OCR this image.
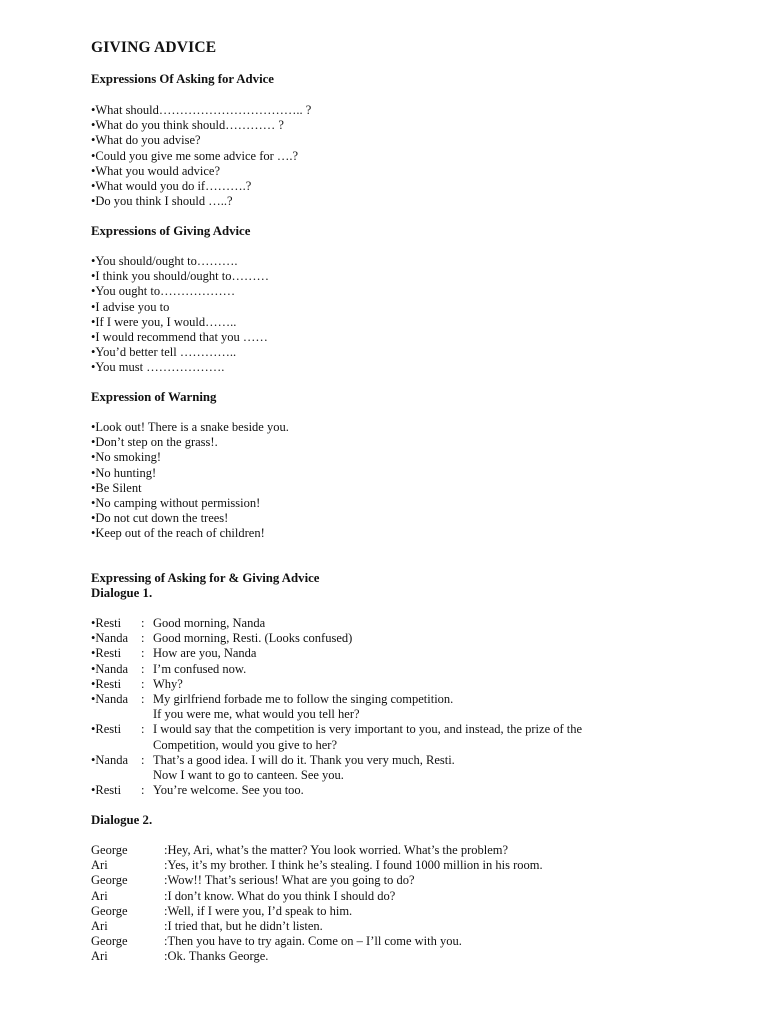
GIVING ADVICE
Expressions Of Asking for Advice
•What should…………………………….. ?
•What do you think should………… ?
•What do you advise?
•Could you give me some advice for ….?
•What you would advice?
•What would you do if……….?
•Do you think I should …..?
Expressions of Giving Advice
•You should/ought to……….
•I think you should/ought to………
•You ought to………………
•I advise you to
•If I were you, I would……..
•I would recommend that you ……
•You’d better tell …………..
•You must ……………….
Expression of Warning
•Look out! There is a snake beside you.
•Don’t step on the grass!.
•No smoking!
•No hunting!
•Be Silent
•No camping without permission!
•Do not cut down the trees!
•Keep out of the reach of children!
Expressing of Asking for & Giving Advice
Dialogue 1.
•Resti	: Good morning, Nanda
•Nanda	: Good morning, Resti. (Looks confused)
•Resti	: How are you, Nanda
•Nanda	: I’m confused now.
•Resti	: Why?
•Nanda	: My girlfriend forbade me to follow the singing competition.
If you were me, what would you tell her?
•Resti	: I would say that the competition is very important to you, and instead, the prize of the
Competition, would you give to her?
•Nanda	: That’s a good idea. I will do it. Thank you very much, Resti.
Now I want to go to canteen. See you.
•Resti	: You’re welcome. See you too.
Dialogue 2.
George	:Hey, Ari, what’s the matter? You look worried. What’s the problem?
Ari	:Yes, it’s my brother. I think he’s stealing. I found 1000 million in his room.
George	:Wow!! That’s serious! What are you going to do?
Ari	:I don’t know. What do you think I should do?
George	:Well, if I were you, I’d speak to him.
Ari	:I tried that, but he didn’t listen.
George	:Then you have to try again. Come on – I’ll come with you.
Ari	:Ok. Thanks George.
